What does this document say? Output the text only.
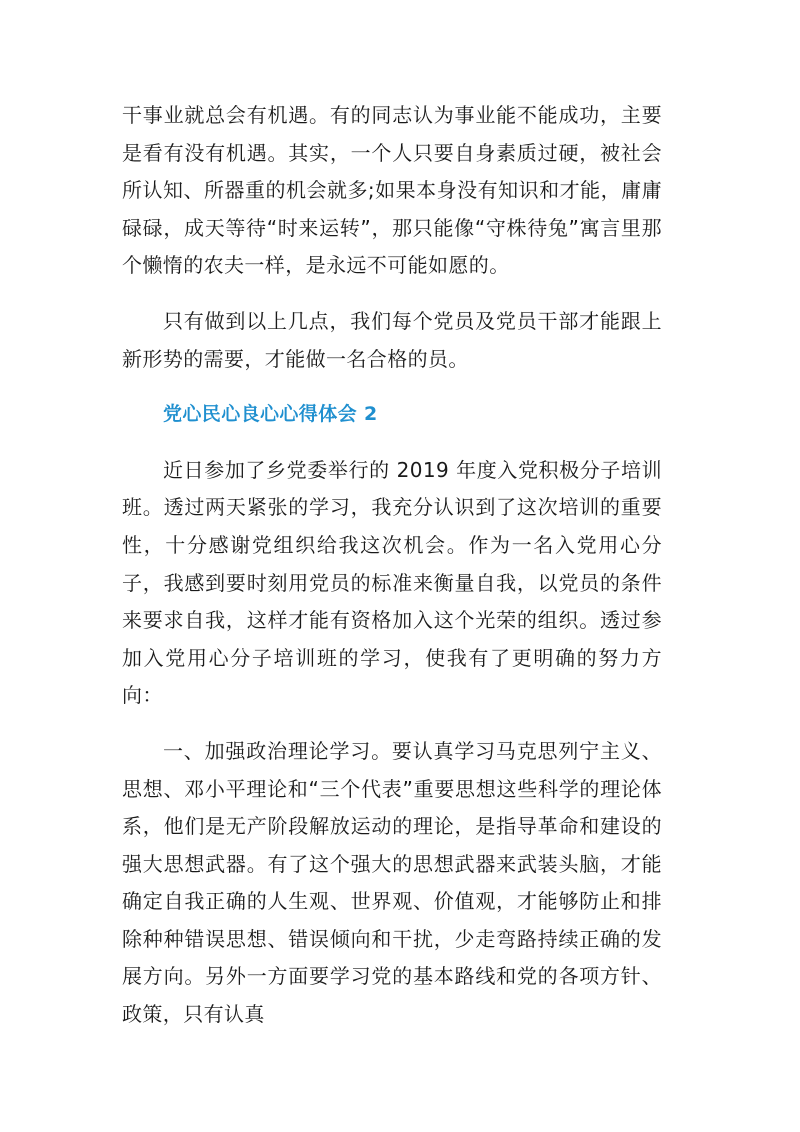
干事业就总会有机遇。有的同志认为事业能不能成功，主要是看有没有机遇。其实，一个人只要自身素质过硬，被社会所认知、所器重的机会就多;如果本身没有知识和才能，庸庸碌碌，成天等待“时来运转”，那只能像“守株待兔”寓言里那个懒惰的农夫一样，是永远不可能如愿的。

只有做到以上几点，我们每个党员及党员干部才能跟上新形势的需要，才能做一名合格的员。

党心民心良心心得体会 2

近日参加了乡党委举行的 2019 年度入党积极分子培训班。透过两天紧张的学习，我充分认识到了这次培训的重要性，十分感谢党组织给我这次机会。作为一名入党用心分子，我感到要时刻用党员的标准来衡量自我，以党员的条件来要求自我，这样才能有资格加入这个光荣的组织。透过参加入党用心分子培训班的学习，使我有了更明确的努力方向：

一、加强政治理论学习。要认真学习马克思列宁主义、思想、邓小平理论和“三个代表”重要思想这些科学的理论体系，他们是无产阶段解放运动的理论，是指导革命和建设的强大思想武器。有了这个强大的思想武器来武装头脑，才能确定自我正确的人生观、世界观、价值观，才能够防止和排除种种错误思想、错误倾向和干扰，少走弯路持续正确的发展方向。另外一方面要学习党的基本路线和党的各项方针、政策，只有认真
